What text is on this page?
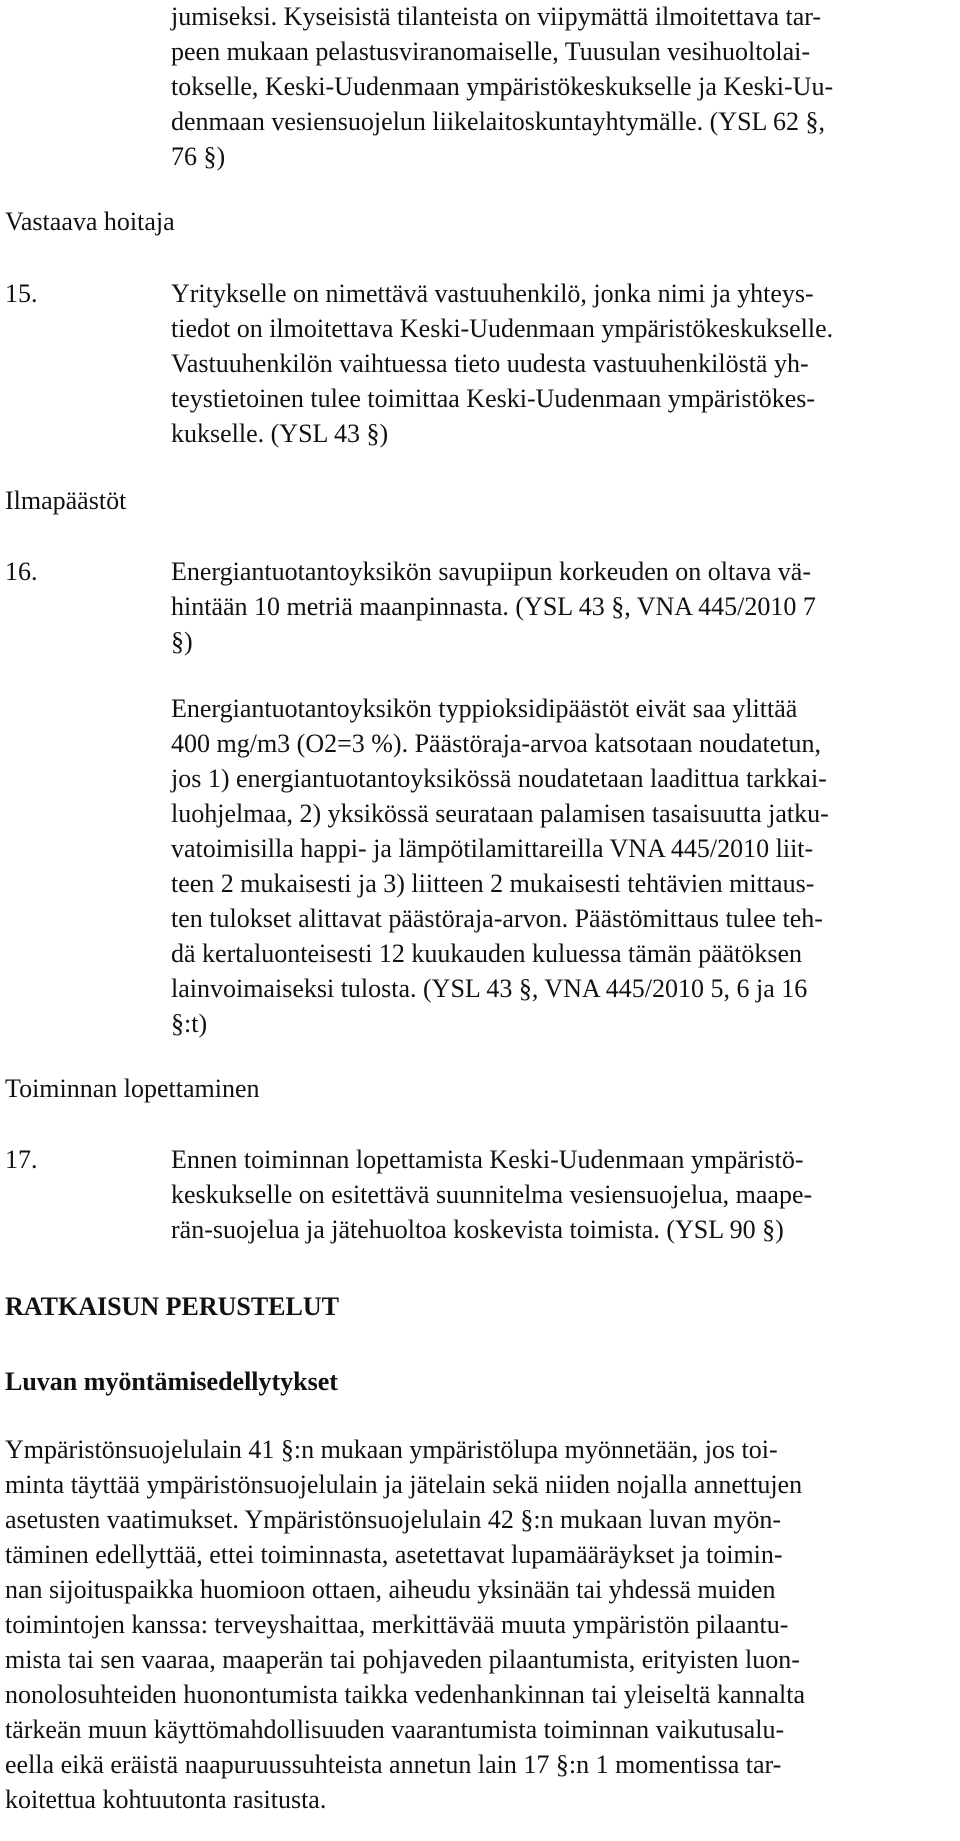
jumiseksi. Kyseisistä tilanteista on viipymättä ilmoitettava tar-
peen mukaan pelastusviranomaiselle, Tuusulan vesihuoltolai-
tokselle, Keski-Uudenmaan ympäristökeskukselle ja Keski-Uu-
denmaan vesiensuojelun liikelaitoskuntayhtymälle. (YSL 62 §,
76 §)
Vastaava hoitaja
15.	Yritykselle on nimettävä vastuuhenkilö, jonka nimi ja yhteys-
tiedot on ilmoitettava Keski-Uudenmaan ympäristökeskukselle.
Vastuuhenkilön vaihtuessa tieto uudesta vastuuhenkilöstä yh-
teystietoinen tulee toimittaa Keski-Uudenmaan ympäristökes-
kukselle. (YSL 43 §)
Ilmapäästöt
16.	Energiantuotantoyksikön savupiipun korkeuden on oltava vä-
hintään 10 metriä maanpinnasta. (YSL 43 §, VNA 445/2010 7
§)
Energiantuotantoyksikön typpioksidipäästöt eivät saa ylittää
400 mg/m3 (O2=3 %). Päästöraja-arvoa katsotaan noudatetun,
jos 1) energiantuotantoyksikössä noudatetaan laadittua tarkkai-
luohjelmaa, 2) yksikössä seurataan palamisen tasaisuutta jatku-
vatoimisilla happi- ja lämpötilamittareilla VNA 445/2010 liit-
teen 2 mukaisesti ja 3) liitteen 2 mukaisesti tehtävien mittaus-
ten tulokset alittavat päästöraja-arvon. Päästömittaus tulee teh-
dä kertaluonteisesti 12 kuukauden kuluessa tämän päätöksen
lainvoimaiseksi tulosta. (YSL 43 §, VNA 445/2010 5, 6 ja 16
§:t)
Toiminnan lopettaminen
17.	Ennen toiminnan lopettamista Keski-Uudenmaan ympäristö-
keskukselle on esitettävä suunnitelma vesiensuojelua, maape-
rän-suojelua ja jätehuoltoa koskevista toimista. (YSL 90 §)
RATKAISUN PERUSTELUT
Luvan myöntämisedellytykset
Ympäristönsuojelulain 41 §:n mukaan ympäristölupa myönnetään, jos toi-
minta täyttää ympäristönsuojelulain ja jätelain sekä niiden nojalla annettujen
asetusten vaatimukset. Ympäristönsuojelulain 42 §:n mukaan luvan myön-
täminen edellyttää, ettei toiminnasta, asetettavat lupamääräykset ja toimin-
nan sijoituspaikka huomioon ottaen, aiheudu yksinään tai yhdessä muiden
toimintojen kanssa: terveyshaittaa, merkittävää muuta ympäristön pilaantu-
mista tai sen vaaraa, maaperän tai pohjaveden pilaantumista, erityisten luon-
nonolosuhteiden huonontumista taikka vedenhankinnan tai yleiseltä kannalta
tärkeän muun käyttömahdollisuuden vaarantumista toiminnan vaikutusalu-
eella eikä eräistä naapuruussuhteista annetun lain 17 §:n 1 momentissa tar-
koitettua kohtuutonta rasitusta.
